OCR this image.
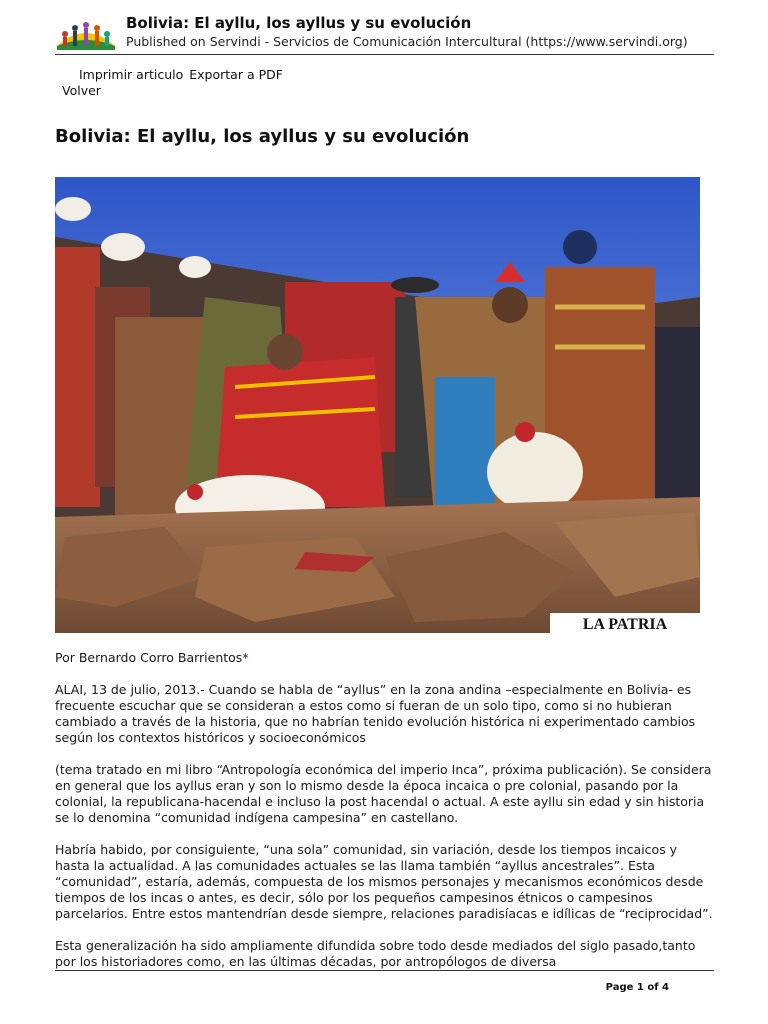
Bolivia: El ayllu, los ayllus y su evolución
Published on Servindi - Servicios de Comunicación Intercultural (https://www.servindi.org)
Imprimir articulo Exportar a PDF
Volver
Bolivia: El ayllu, los ayllus y su evolución
LA PATRIA

Por Bernardo Corro Barrientos*

ALAI, 13 de julio, 2013.- Cuando se habla de “ayllus” en la zona andina –especialmente en Bolivia- es frecuente escuchar que se consideran a estos como si fueran de un solo tipo, como si no hubieran cambiado a través de la historia, que no habrían tenido evolución histórica ni experimentado cambios según los contextos históricos y socioeconómicos

(tema tratado en mi libro “Antropología económica del imperio Inca”, próxima publicación). Se considera en general que los ayllus eran y son lo mismo desde la época incaica o pre colonial, pasando por la colonial, la republicana-hacendal e incluso la post hacendal o actual. A este ayllu sin edad y sin historia se lo denomina “comunidad indígena campesina” en castellano.

Habría habido, por consiguiente, “una sola” comunidad, sin variación, desde los tiempos incaicos y hasta la actualidad. A las comunidades actuales se las llama también “ayllus ancestrales”. Esta “comunidad”, estaría, además, compuesta de los mismos personajes y mecanismos económicos desde tiempos de los incas o antes, es decir, sólo por los pequeños campesinos étnicos o campesinos parcelarios. Entre estos mantendrían desde siempre, relaciones paradisíacas e idílicas de “reciprocidad”.

Esta generalización ha sido ampliamente difundida sobre todo desde mediados del siglo pasado,tanto por los historiadores como, en las últimas décadas, por antropólogos de diversa

Page 1 of 4
